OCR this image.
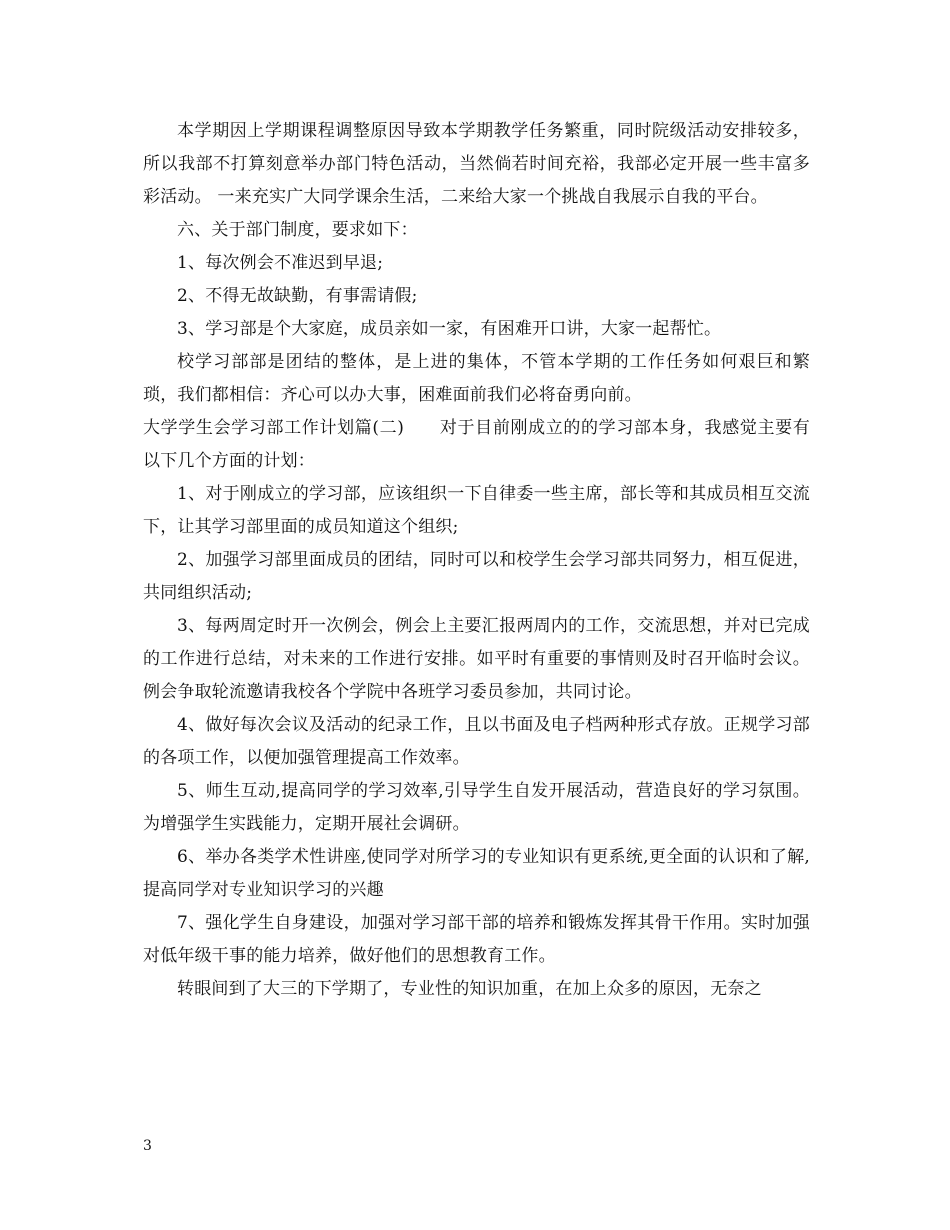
本学期因上学期课程调整原因导致本学期教学任务繁重，同时院级活动安排较多，所以我部不打算刻意举办部门特色活动，当然倘若时间充裕，我部必定开展一些丰富多彩活动。 一来充实广大同学课余生活，二来给大家一个挑战自我展示自我的平台。

六、关于部门制度，要求如下：

1、每次例会不准迟到早退;

2、不得无故缺勤，有事需请假;

3、学习部是个大家庭，成员亲如一家，有困难开口讲，大家一起帮忙。

校学习部部是团结的整体，是上进的集体，不管本学期的工作任务如何艰巨和繁琐，我们都相信：齐心可以办大事，困难面前我们必将奋勇向前。

大学学生会学习部工作计划篇(二)　　对于目前刚成立的的学习部本身，我感觉主要有以下几个方面的计划：

1、对于刚成立的学习部，应该组织一下自律委一些主席，部长等和其成员相互交流下，让其学习部里面的成员知道这个组织;

2、加强学习部里面成员的团结，同时可以和校学生会学习部共同努力，相互促进，共同组织活动;

3、每两周定时开一次例会，例会上主要汇报两周内的工作，交流思想，并对已完成的工作进行总结，对未来的工作进行安排。如平时有重要的事情则及时召开临时会议。例会争取轮流邀请我校各个学院中各班学习委员参加，共同讨论。

4、做好每次会议及活动的纪录工作，且以书面及电子档两种形式存放。正规学习部的各项工作，以便加强管理提高工作效率。

5、师生互动,提高同学的学习效率,引导学生自发开展活动，营造良好的学习氛围。为增强学生实践能力，定期开展社会调研。

6、举办各类学术性讲座,使同学对所学习的专业知识有更系统,更全面的认识和了解,提高同学对专业知识学习的兴趣

7、强化学生自身建设，加强对学习部干部的培养和锻炼发挥其骨干作用。实时加强对低年级干事的能力培养，做好他们的思想教育工作。

转眼间到了大三的下学期了，专业性的知识加重，在加上众多的原因，无奈之

3
